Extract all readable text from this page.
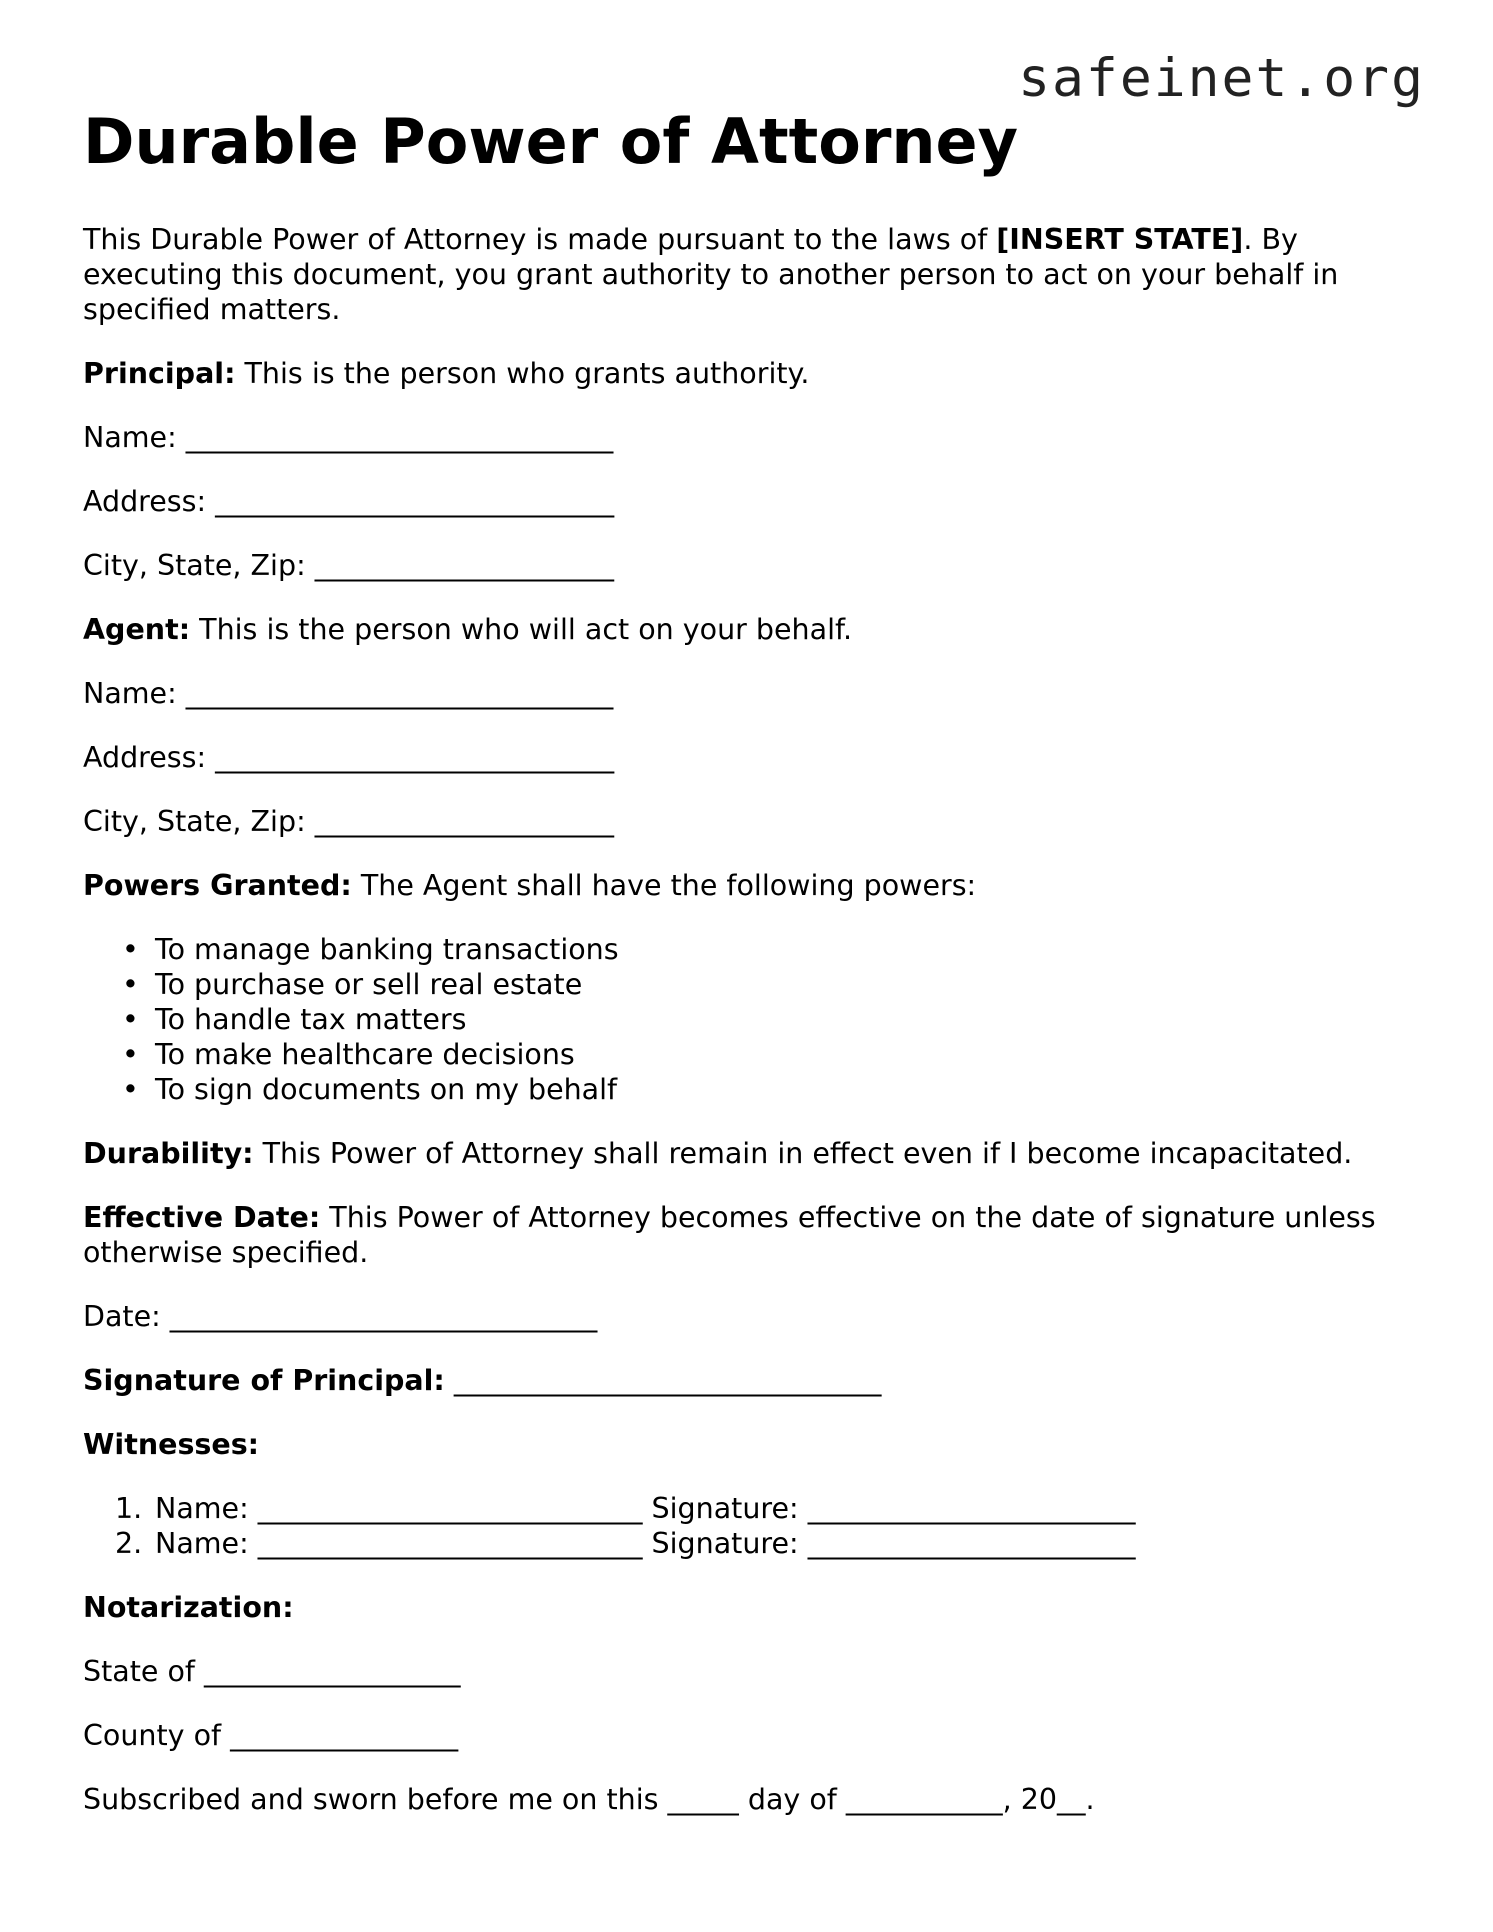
safeinet.org
Durable Power of Attorney

This Durable Power of Attorney is made pursuant to the laws of [INSERT STATE]. By executing this document, you grant authority to another person to act on your behalf in specified matters.

Principal: This is the person who grants authority.

Name: ______________________________

Address: ____________________________

City, State, Zip: _____________________

Agent: This is the person who will act on your behalf.

Name: ______________________________

Address: ____________________________

City, State, Zip: _____________________

Powers Granted: The Agent shall have the following powers:

• To manage banking transactions
• To purchase or sell real estate
• To handle tax matters
• To make healthcare decisions
• To sign documents on my behalf

Durability: This Power of Attorney shall remain in effect even if I become incapacitated.

Effective Date: This Power of Attorney becomes effective on the date of signature unless otherwise specified.

Date: ______________________________

Signature of Principal: ______________________________

Witnesses:

1. Name: ___________________________ Signature: _______________________
2. Name: ___________________________ Signature: _______________________

Notarization:

State of __________________

County of ________________

Subscribed and sworn before me on this _____ day of ___________, 20__.
